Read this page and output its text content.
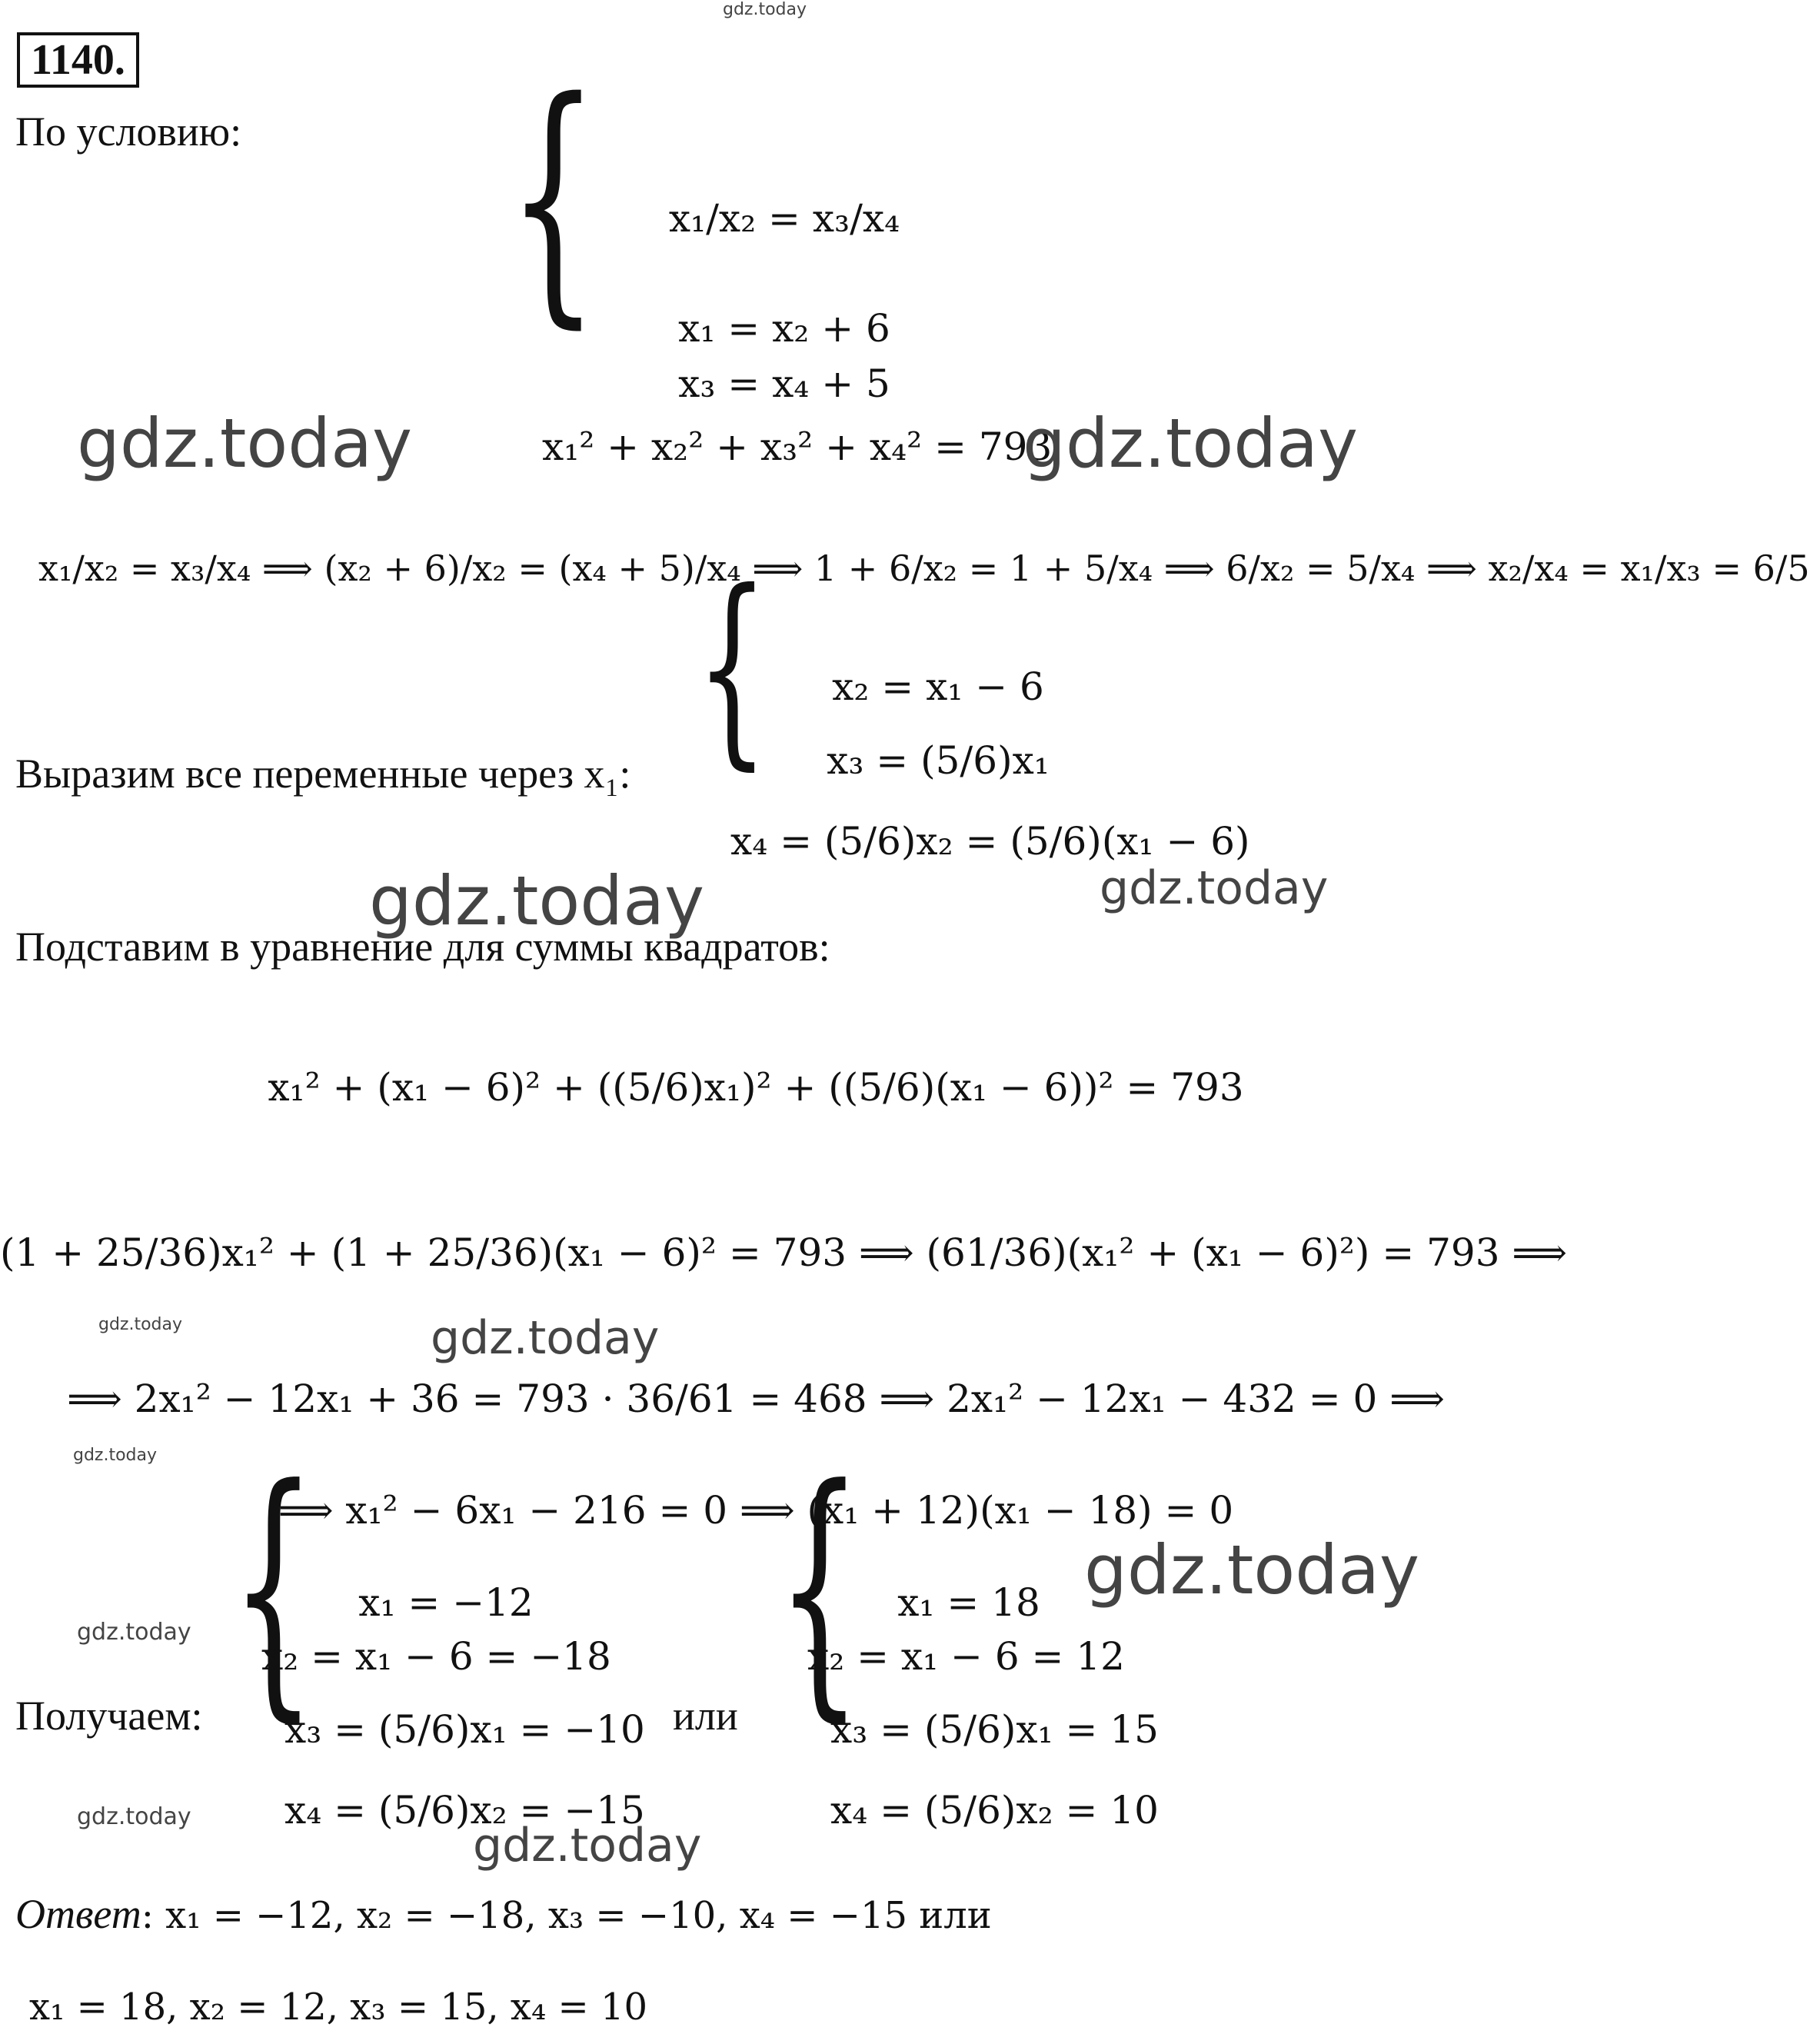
gdz.today
1140.
По условию: {	x₁/x₂ = x₃/x₄
x₁ = x₂ + 6
x₃ = x₄ + 5
x₁² + x₂² + x₃² + x₄² = 793
gdz.today	gdz.today
x₁/x₂ = x₃/x₄ ⟹ (x₂ + 6)/x₂ = (x₄ + 5)/x₄ ⟹ 1 + 6/x₂ = 1 + 5/x₄ ⟹ 6/x₂ = 5/x₄ ⟹ x₂/x₄ = x₁/x₃ = 6/5
Выразим все переменные через x₁: {	x₂ = x₁ − 6
x₃ = (5/6)x₁
x₄ = (5/6)x₂ = (5/6)(x₁ − 6)
gdz.today	gdz.today
Подставим в уравнение для суммы квадратов:
x₁² + (x₁ − 6)² + ((5/6)x₁)² + ((5/6)(x₁ − 6))² = 793
(1 + 25/36)x₁² + (1 + 25/36)(x₁ − 6)² = 793 ⟹ (61/36)(x₁² + (x₁ − 6)²) = 793 ⟹
gdz.today	gdz.today
⟹ 2x₁² − 12x₁ + 36 = 793 · 36/61 = 468 ⟹ 2x₁² − 12x₁ − 432 = 0 ⟹
gdz.today
⟹ x₁² − 6x₁ − 216 = 0 ⟹ (x₁ + 12)(x₁ − 18) = 0
gdz.today
gdz.today
gdz.today
Получаем: {	x₁ = −12
x₂ = x₁ − 6 = −18
x₃ = (5/6)x₁ = −10
x₄ = (5/6)x₂ = −15
или { x₁ = 18
x₂ = x₁ − 6 = 12
x₃ = (5/6)x₁ = 15
x₄ = (5/6)x₂ = 10
gdz.today
Ответ: x₁ = −12, x₂ = −18, x₃ = −10, x₄ = −15 или
x₁ = 18, x₂ = 12, x₃ = 15, x₄ = 10
